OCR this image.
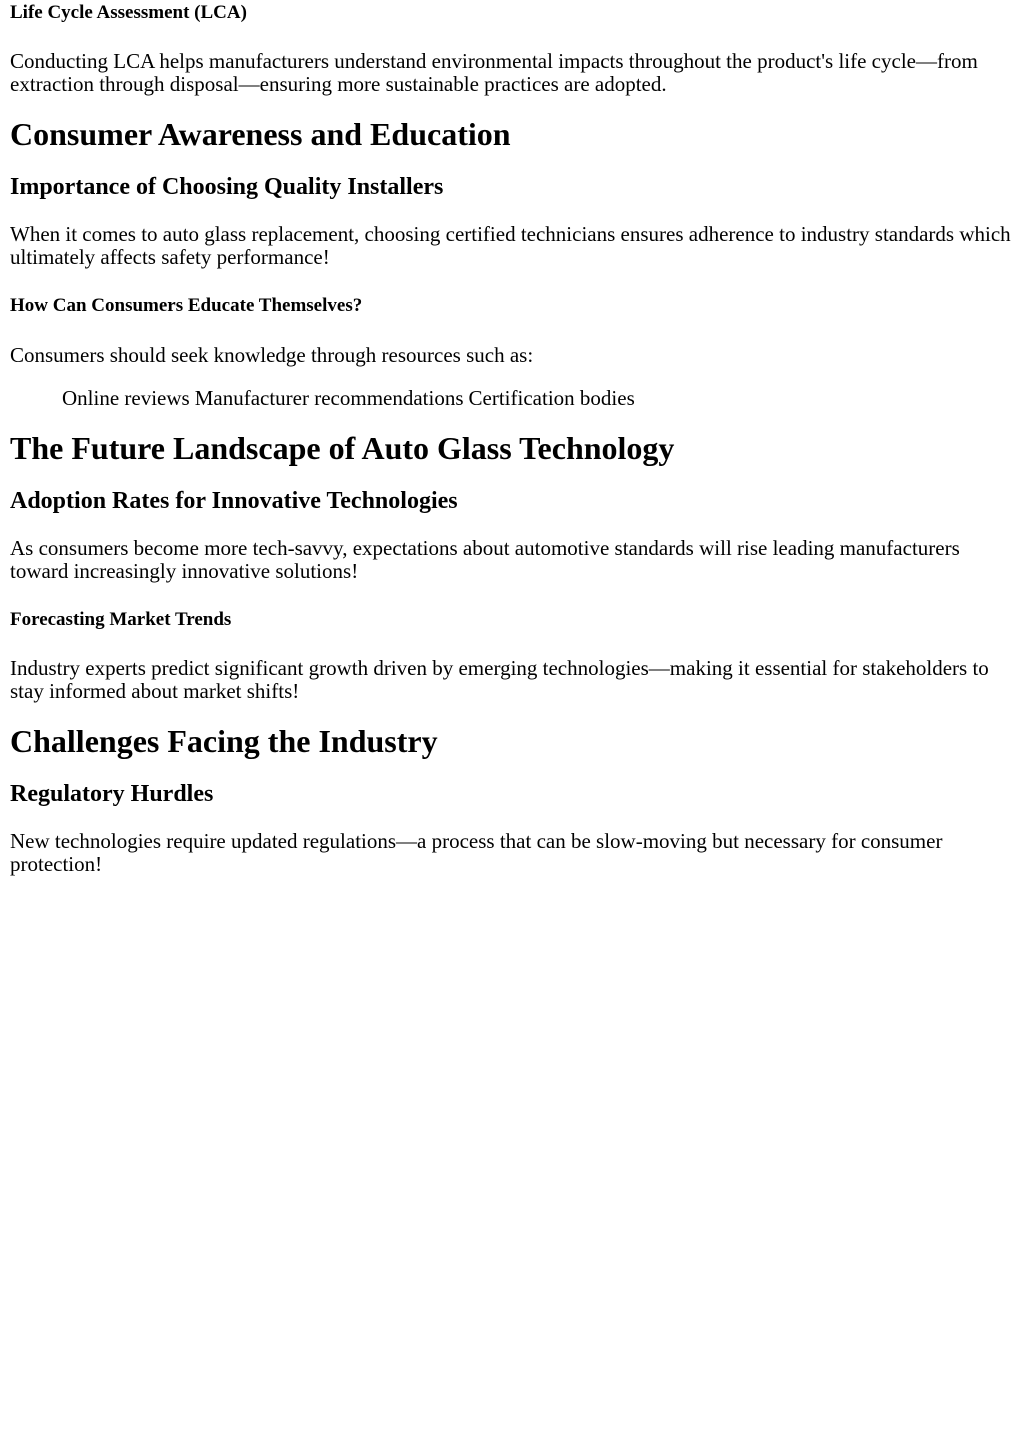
Life Cycle Assessment (LCA)

Conducting LCA helps manufacturers understand environmental impacts throughout the product's life cycle—from extraction through disposal—ensuring more sustainable practices are adopted.

Consumer Awareness and Education
Importance of Choosing Quality Installers

When it comes to auto glass replacement, choosing certified technicians ensures adherence to industry standards which ultimately affects safety performance!

How Can Consumers Educate Themselves?

Consumers should seek knowledge through resources such as:

Online reviews Manufacturer recommendations Certification bodies
The Future Landscape of Auto Glass Technology
Adoption Rates for Innovative Technologies

As consumers become more tech-savvy, expectations about automotive standards will rise leading manufacturers toward increasingly innovative solutions!

Forecasting Market Trends

Industry experts predict significant growth driven by emerging technologies—making it essential for stakeholders to stay informed about market shifts!

Challenges Facing the Industry
Regulatory Hurdles

New technologies require updated regulations—a process that can be slow-moving but necessary for consumer protection!
